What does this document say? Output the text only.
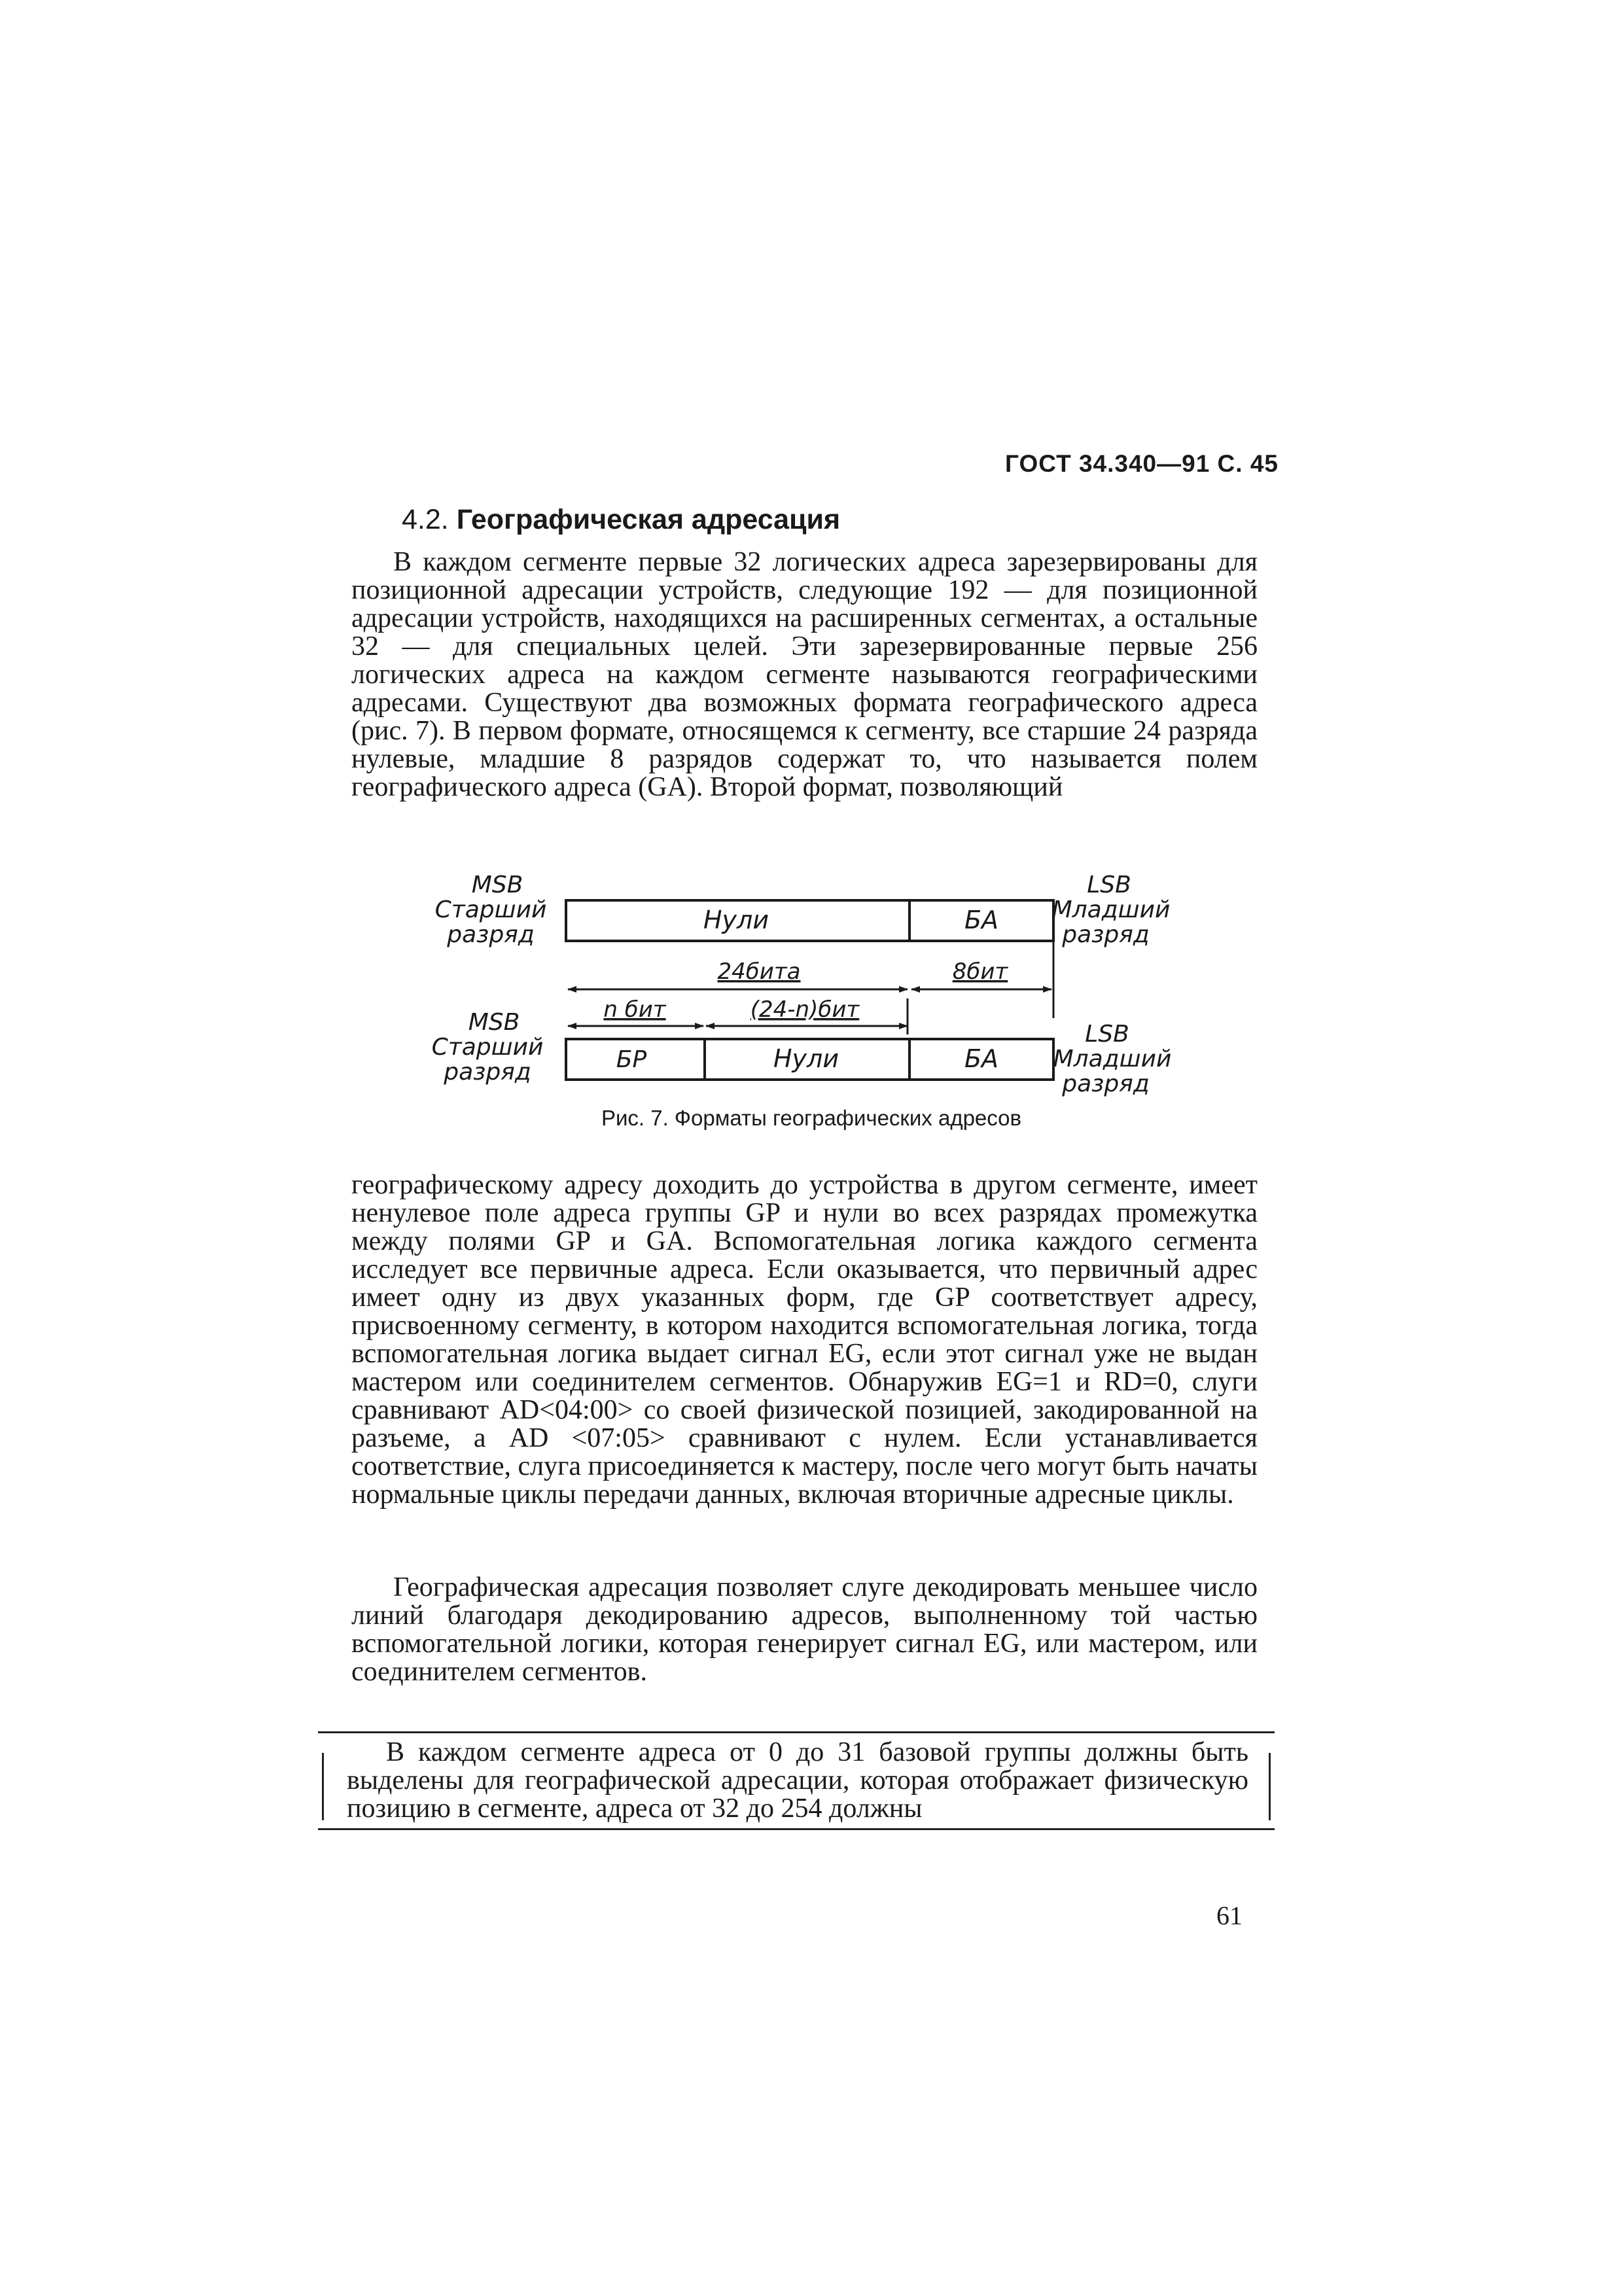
ГОСТ 34.340—91 С. 45
4.2. Географическая адресация

В каждом сегменте первые 32 логических адреса зарезервированы для позиционной адресации устройств, следующие 192 — для позиционной адресации устройств, находящихся на расширенных сегментах, а остальные 32 — для специальных целей. Эти зарезервированные первые 256 логических адреса на каждом сегменте называются географическими адресами. Существуют два возможных формата географического адреса (рис. 7). В первом формате, относящемся к сегменту, все старшие 24 разряда нулевые, младшие 8 разрядов содержат то, что называется полем географического адреса (GA). Второй формат, позволяющий

MSB
Старший
разряд
LSB
Младший
разряд
Нули	БА
24бита	8бит
n бит	(24-n)бит
MSB
Старший
разряд
LSB
Младший
разряд
БР	Нули	БА
Рис. 7. Форматы географических адресов

географическому адресу доходить до устройства в другом сегменте, имеет ненулевое поле адреса группы GP и нули во всех разрядах промежутка между полями GP и GA. Вспомогательная логика каждого сегмента исследует все первичные адреса. Если оказывается, что первичный адрес имеет одну из двух указанных форм, где GP соответствует адресу, присвоенному сегменту, в котором находится вспомогательная логика, тогда вспомогательная логика выдает сигнал EG, если этот сигнал уже не выдан мастером или соединителем сегментов. Обнаружив EG=1 и RD=0, слуги сравнивают AD<04:00> со своей физической позицией, закодированной на разъеме, а AD <07:05> сравнивают с нулем. Если устанавливается соответствие, слуга присоединяется к мастеру, после чего могут быть начаты нормальные циклы передачи данных, включая вторичные адресные циклы.

Географическая адресация позволяет слуге декодировать меньшее число линий благодаря декодированию адресов, выполненному той частью вспомогательной логики, которая генерирует сигнал EG, или мастером, или соединителем сегментов.

В каждом сегменте адреса от 0 до 31 базовой группы должны быть выделены для географической адресации, которая отображает физическую позицию в сегменте, адреса от 32 до 254 должны

61
